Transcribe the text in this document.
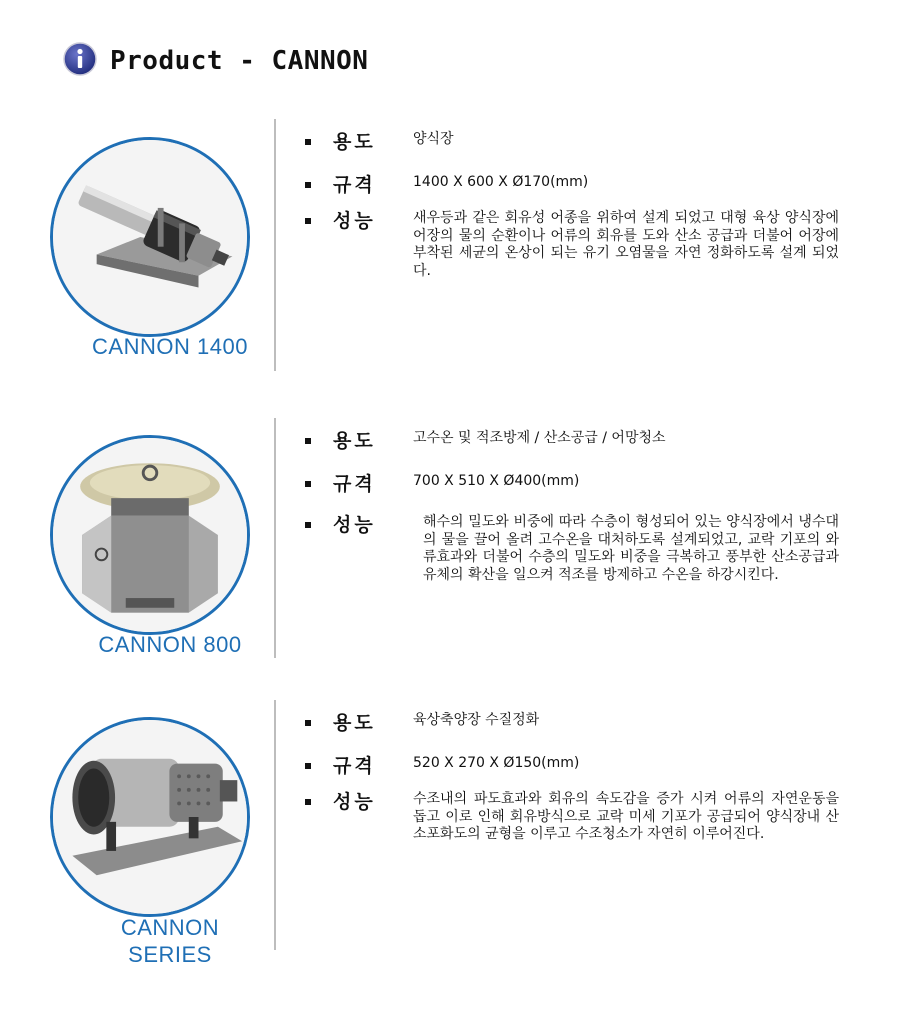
Product - CANNON
CANNON 1400
용도	양식장
규격	1400 X 600 X Ø170(mm)
성능	새우등과 같은 회유성 어종을 위하여 설계 되었고 대형 육상 양식장에 어장의 물의 순환이나 어류의 회유를 도와 산소 공급과 더불어 어장에 부착된 세균의 온상이 되는 유기 오염물을 자연 정화하도록 설계 되었다.
CANNON 800
용도	고수온 및 적조방제 / 산소공급 / 어망청소
규격	700 X 510 X Ø400(mm)
성능	해수의 밀도와 비중에 따라 수층이 형성되어 있는 양식장에서 냉수대의 물을 끌어 올려 고수온을 대처하도록 설계되었고, 교락 기포의 와류효과와 더불어 수층의 밀도와 비중을 극복하고 풍부한 산소공급과 유체의 확산을 일으켜 적조를 방제하고 수온을 하강시킨다.
CANNON
SERIES
용도	육상축양장 수질정화
규격	520 X 270 X Ø150(mm)
성능	수조내의 파도효과와 회유의 속도감을 증가 시켜 어류의 자연운동을 돕고 이로 인해 회유방식으로 교락 미세 기포가 공급되어 양식장내 산소포화도의 균형을 이루고 수조청소가 자연히 이루어진다.
